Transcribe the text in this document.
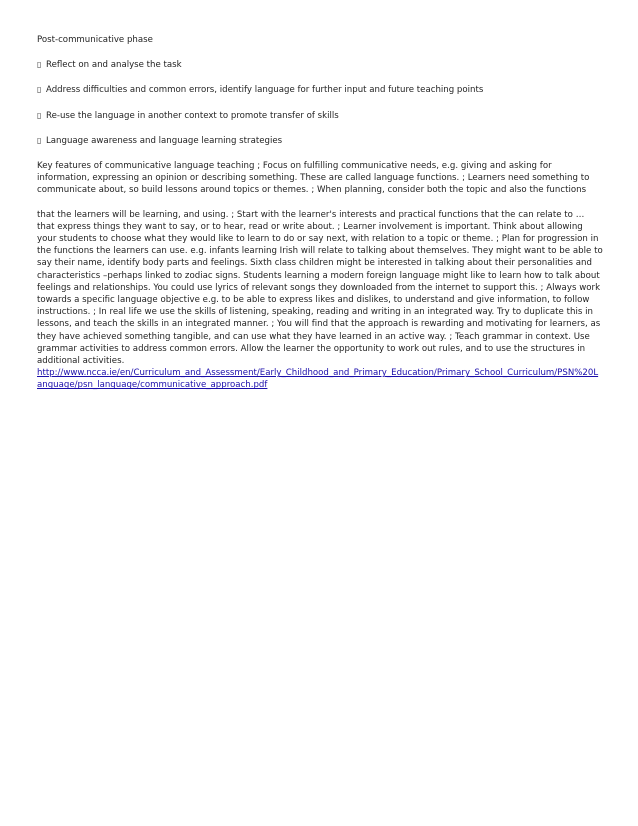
Post-communicative phase

▯ Reflect on and analyse the task
▯ Address difficulties and common errors, identify language for further input and future teaching points
▯ Re-use the language in another context to promote transfer of skills
▯ Language awareness and language learning strategies

Key features of communicative language teaching ; Focus on fulfilling communicative needs, e.g. giving and asking for information, expressing an opinion or describing something. These are called language functions. ; Learners need something to communicate about, so build lessons around topics or themes. ; When planning, consider both the topic and also the functions

that the learners will be learning, and using. ; Start with the learner's interests and practical functions that the can relate to … that express things they want to say, or to hear, read or write about. ; Learner involvement is important. Think about allowing your students to choose what they would like to learn to do or say next, with relation to a topic or theme. ; Plan for progression in the functions the learners can use. e.g. infants learning Irish will relate to talking about themselves. They might want to be able to say their name, identify body parts and feelings. Sixth class children might be interested in talking about their personalities and characteristics –perhaps linked to zodiac signs. Students learning a modern foreign language might like to learn how to talk about feelings and relationships. You could use lyrics of relevant songs they downloaded from the internet to support this. ; Always work towards a specific language objective e.g. to be able to express likes and dislikes, to understand and give information, to follow instructions. ; In real life we use the skills of listening, speaking, reading and writing in an integrated way. Try to duplicate this in lessons, and teach the skills in an integrated manner. ; You will find that the approach is rewarding and motivating for learners, as they have achieved something tangible, and can use what they have learned in an active way. ; Teach grammar in context. Use grammar activities to address common errors. Allow the learner the opportunity to work out rules, and to use the structures in additional activities.

http://www.ncca.ie/en/Curriculum_and_Assessment/Early_Childhood_and_Primary_Education/Primary_School_Curriculum/PSN%20Language/psn_language/communicative_approach.pdf
